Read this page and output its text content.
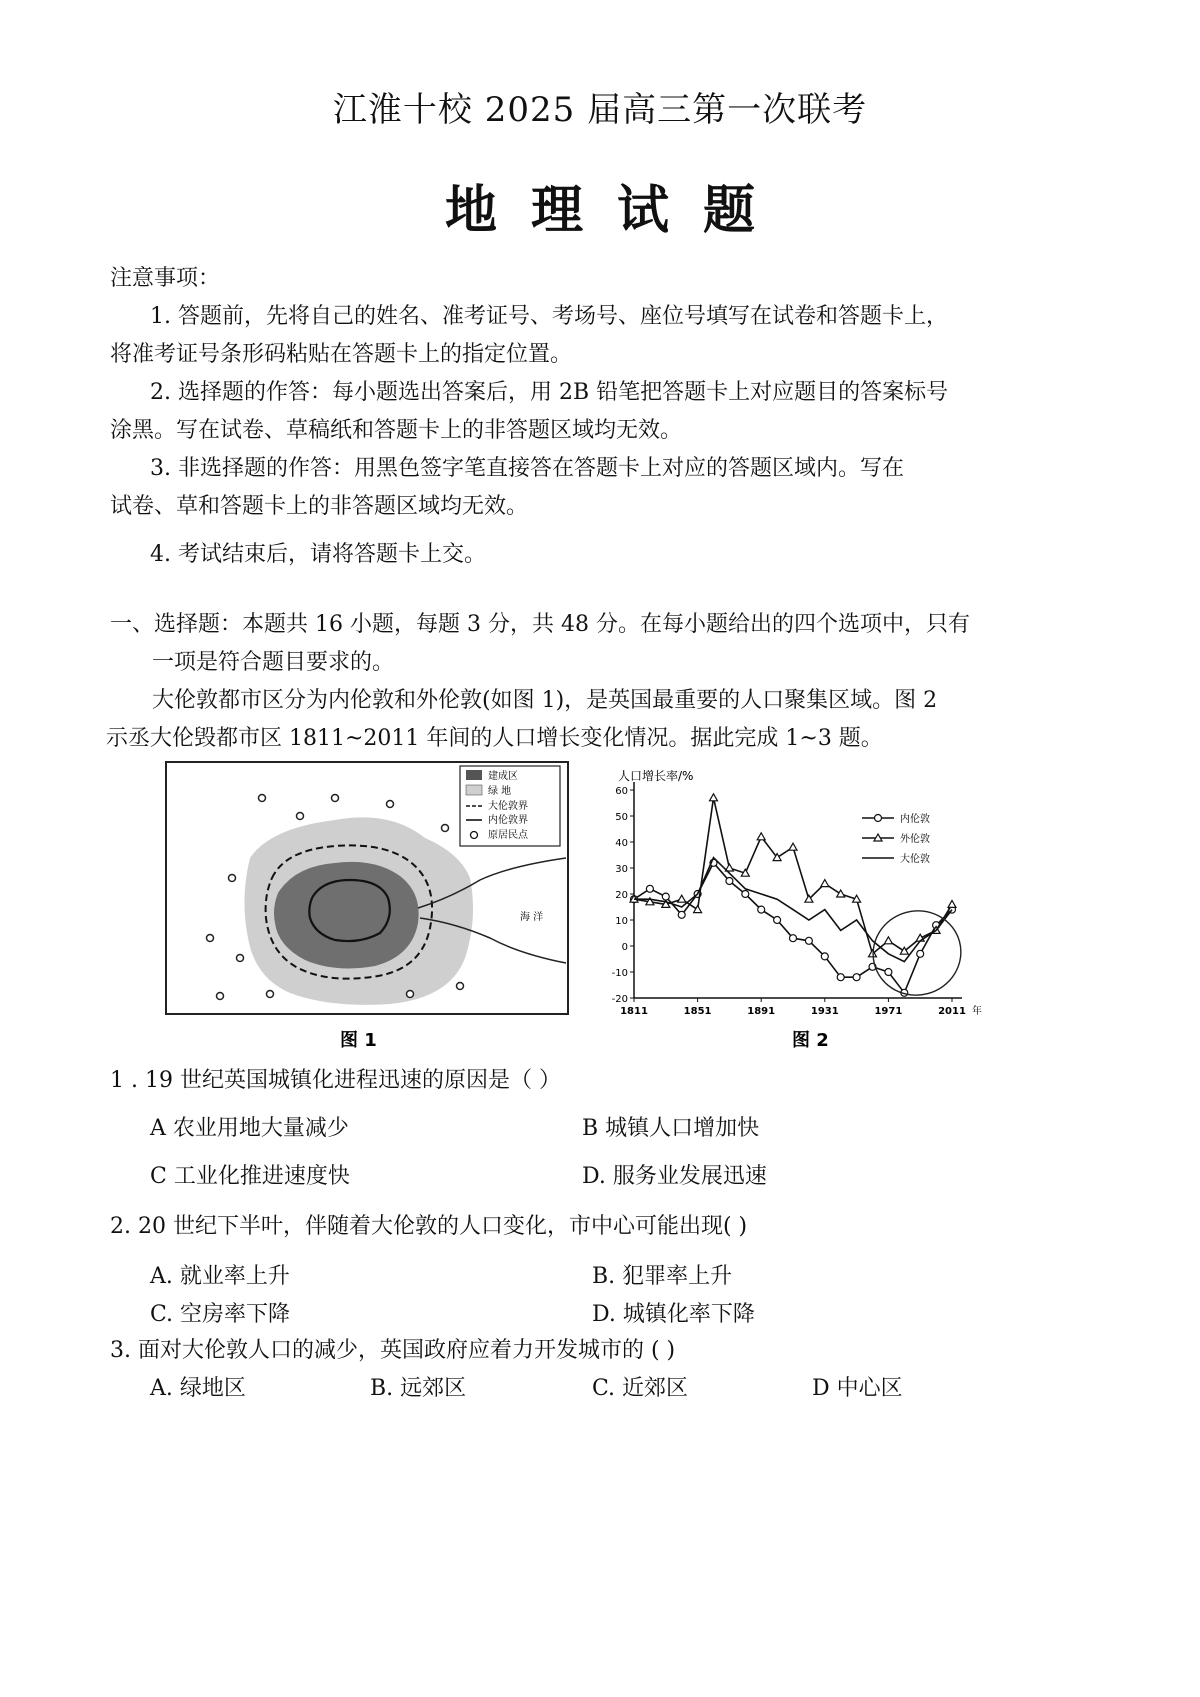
江淮十校 2025 届高三第一次联考
地理试题
注意事项：
1. 答题前，先将自己的姓名、准考证号、考场号、座位号填写在试卷和答题卡上，
将准考证号条形码粘贴在答题卡上的指定位置。
2. 选择题的作答：每小题选出答案后，用 2B 铅笔把答题卡上对应题目的答案标号
涂黑。写在试卷、草稿纸和答题卡上的非答题区域均无效。
3. 非选择题的作答：用黑色签字笔直接答在答题卡上对应的答题区域内。写在
试卷、草和答题卡上的非答题区域均无效。
4. 考试结束后，请将答题卡上交。
一、选择题：本题共 16 小题，每题 3 分，共 48 分。在每小题给出的四个选项中，只有
一项是符合题目要求的。
大伦敦都市区分为内伦敦和外伦敦(如图 1)，是英国最重要的人口聚集区域。图 2
示丞大伦毁都市区 1811~2011 年间的人口增长变化情况。据此完成 1~3 题。
建成区
绿 地
大伦敦界
内伦敦界
原居民点
海 洋
图 1
人口增长率/%
60
50
40
30
20
10
0
-10
-20
1811	1851	1891	1931	1971	2011 年
内伦敦
外伦敦
大伦敦
图 2
1 . 19 世纪英国城镇化进程迅速的原因是（ ）
A 农业用地大量减少	B 城镇人口增加快
C 工业化推进速度快	D. 服务业发展迅速
2. 20 世纪下半叶，伴随着大伦敦的人口变化，市中心可能出现( )
A. 就业率上升	B. 犯罪率上升
C. 空房率下降	D. 城镇化率下降
3. 面对大伦敦人口的减少，英国政府应着力开发城市的 ( )
A. 绿地区	B. 远郊区	C. 近郊区	D 中心区
